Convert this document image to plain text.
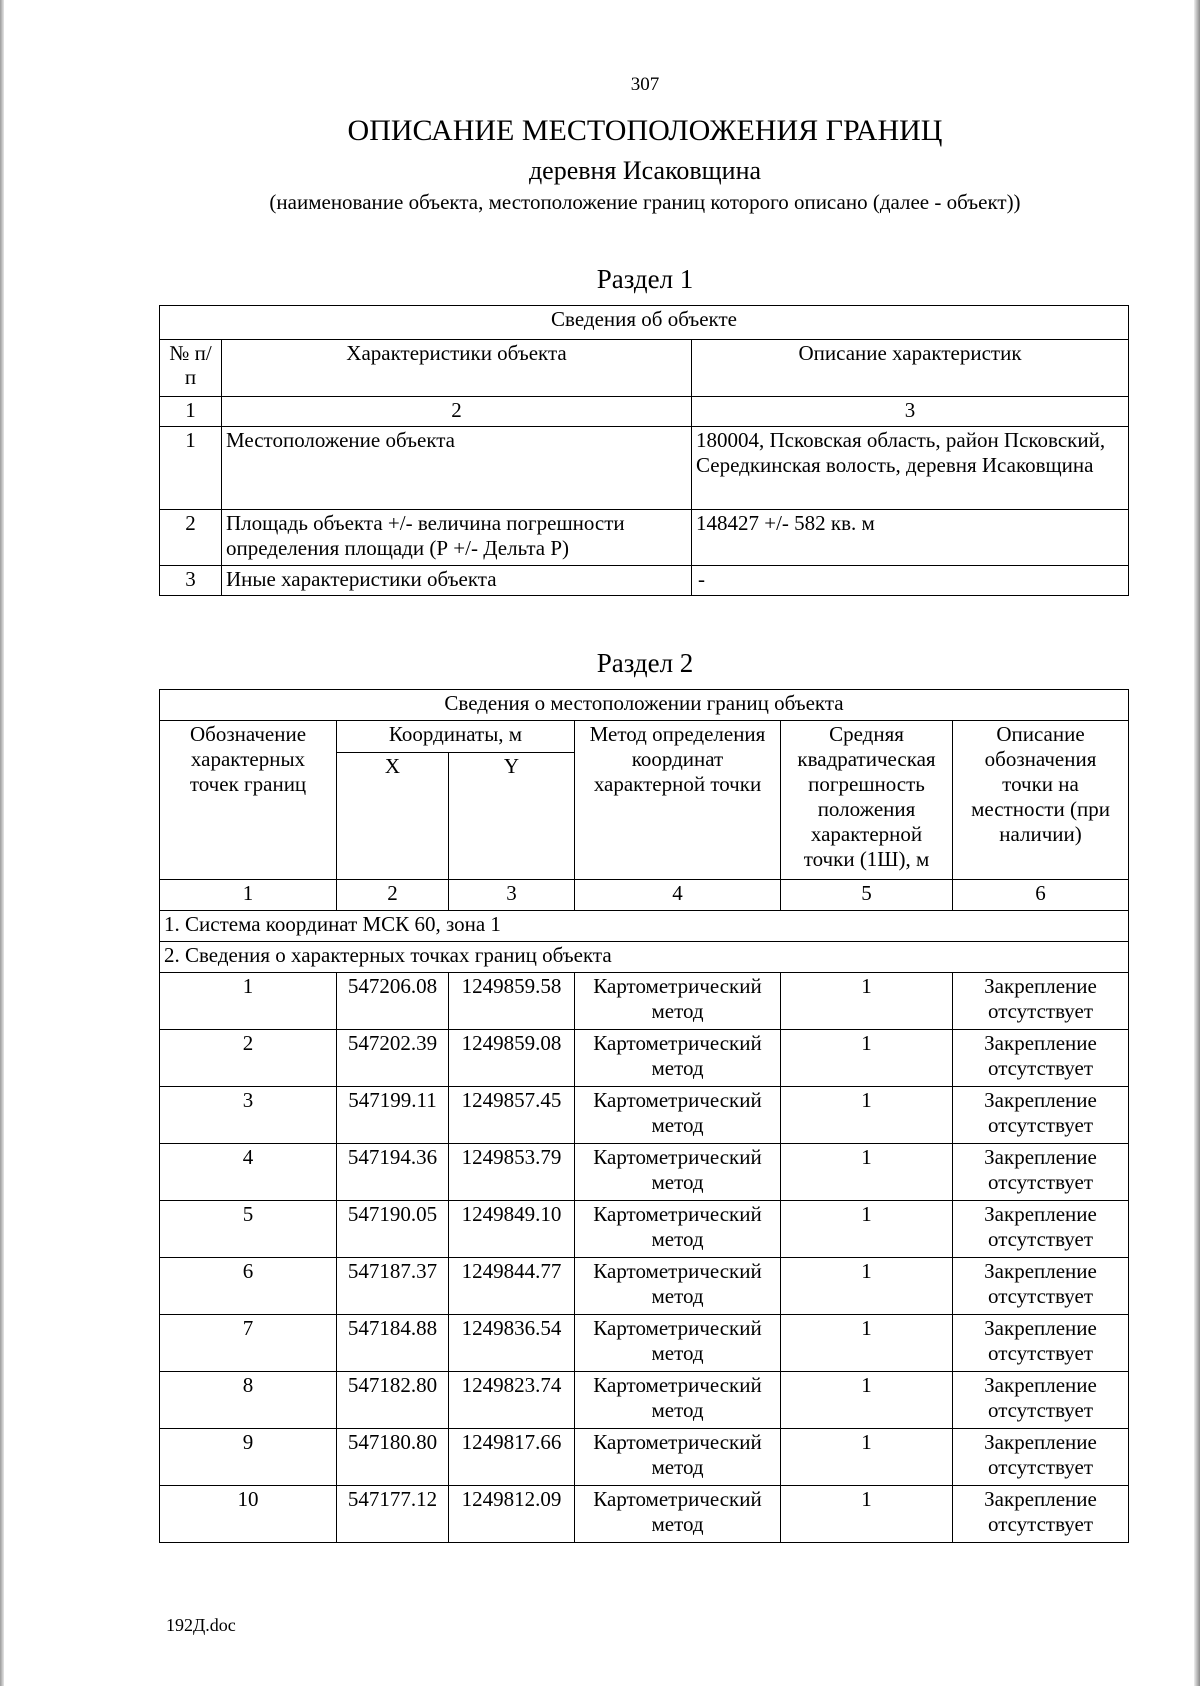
307
ОПИСАНИЕ МЕСТОПОЛОЖЕНИЯ ГРАНИЦ
деревня Исаковщина
(наименование объекта, местоположение границ которого описано (далее - объект))
Раздел 1
Сведения об объекте		
№ п/п	Характеристики объекта	Описание характеристик
1	2	3
1	Местоположение объекта	180004, Псковская область, район Псковский, Середкинская волость, деревня Исаковщина
2	Площадь объекта +/- величина погрешности определения площади (Р +/- Дельта Р)	148427 +/- 582 кв. м
3	Иные характеристики объекта	-
Раздел 2
Сведения о местоположении границ объекта					
Обозначение характерных точек границ	Координаты, м		Метод определения координат характерной точки	Средняя квадратическая погрешность положения характерной точки (1Ш), м	Описание обозначения точки на местности (при наличии)
	X	Y			
1	2	3	4	5	6
1. Система координат МСК 60, зона 1					
2. Сведения о характерных точках границ объекта					
1	547206.08	1249859.58	Картометрический метод	1	Закрепление отсутствует
2	547202.39	1249859.08	Картометрический метод	1	Закрепление отсутствует
3	547199.11	1249857.45	Картометрический метод	1	Закрепление отсутствует
4	547194.36	1249853.79	Картометрический метод	1	Закрепление отсутствует
5	547190.05	1249849.10	Картометрический метод	1	Закрепление отсутствует
6	547187.37	1249844.77	Картометрический метод	1	Закрепление отсутствует
7	547184.88	1249836.54	Картометрический метод	1	Закрепление отсутствует
8	547182.80	1249823.74	Картометрический метод	1	Закрепление отсутствует
9	547180.80	1249817.66	Картометрический метод	1	Закрепление отсутствует
10	547177.12	1249812.09	Картометрический метод	1	Закрепление отсутствует
192Д.doc
